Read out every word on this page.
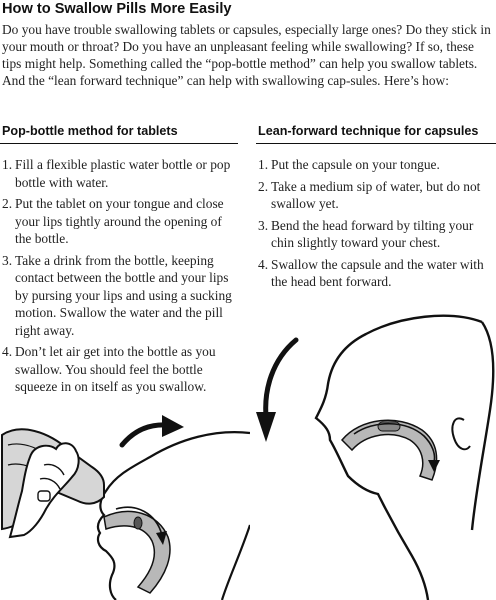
How to Swallow Pills More Easily
Do you have trouble swallowing tablets or capsules, especially large ones? Do they stick in your mouth or throat? Do you have an unpleasant feeling while swallowing? If so, these tips might help. Something called the “pop-bottle method” can help you swallow tablets. And the “lean forward technique” can help with swallowing cap-sules. Here’s how:
Pop-bottle method for tablets
1. Fill a flexible plastic water bottle or pop bottle with water.
2. Put the tablet on your tongue and close your lips tightly around the opening of the bottle.
3. Take a drink from the bottle, keeping contact between the bottle and your lips by pursing your lips and using a sucking motion. Swallow the water and the pill right away.
4. Don’t let air get into the bottle as you swallow. You should feel the bottle squeeze in on itself as you swallow.
Lean-forward technique for capsules
1. Put the capsule on your tongue.
2. Take a medium sip of water, but do not swallow yet.
3. Bend the head forward by tilting your chin slightly toward your chest.
4. Swallow the capsule and the water with the head bent forward.
